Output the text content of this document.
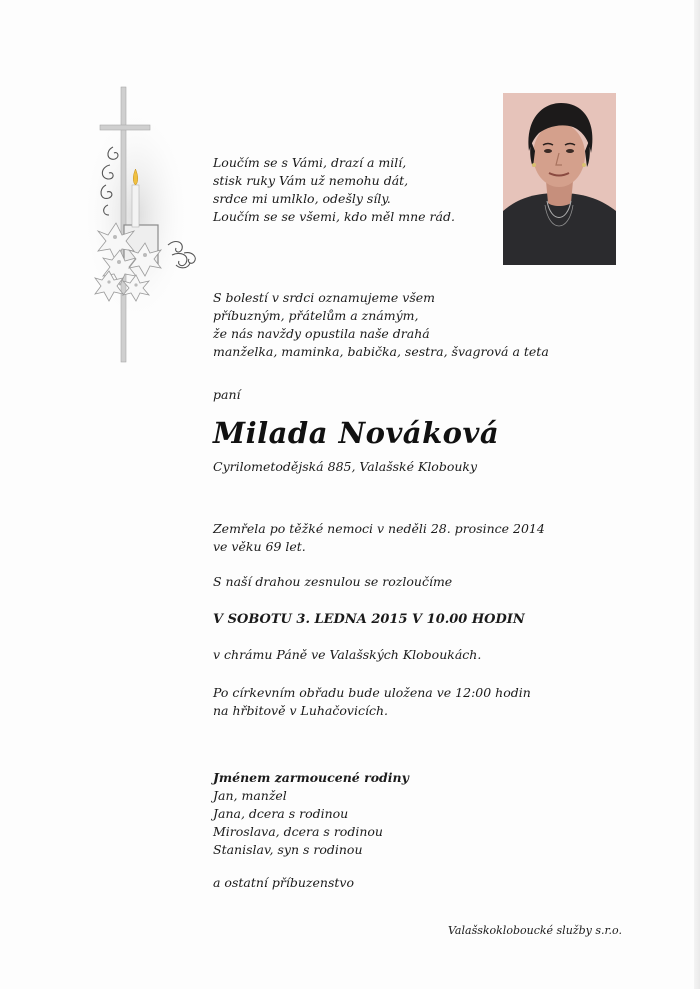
Loučím se s Vámi, drazí a milí,
stisk ruky Vám už nemohu dát,
srdce mi umlklo, odešly síly.
Loučím se se všemi, kdo měl mne rád.
S bolestí v srdci oznamujeme všem
příbuzným, přátelům a známým,
že nás navždy opustila naše drahá
manželka, maminka, babička, sestra, švagrová a teta
paní
Milada Nováková
Cyrilometodějská 885, Valašské Klobouky
Zemřela po těžké nemoci v neděli 28. prosince 2014
ve věku 69 let.
S naší drahou zesnulou se rozloučíme
V SOBOTU 3. LEDNA 2015 V 10.00 HODIN
v chrámu Páně ve Valašských Kloboukách.
Po církevním obřadu bude uložena ve 12:00 hodin
na hřbitově v Luhačovicích.
Jménem zarmoucené rodiny
Jan, manžel
Jana, dcera s rodinou
Miroslava, dcera s rodinou
Stanislav, syn s rodinou
a ostatní příbuzenstvo
Valašskokloboucké služby s.r.o.
